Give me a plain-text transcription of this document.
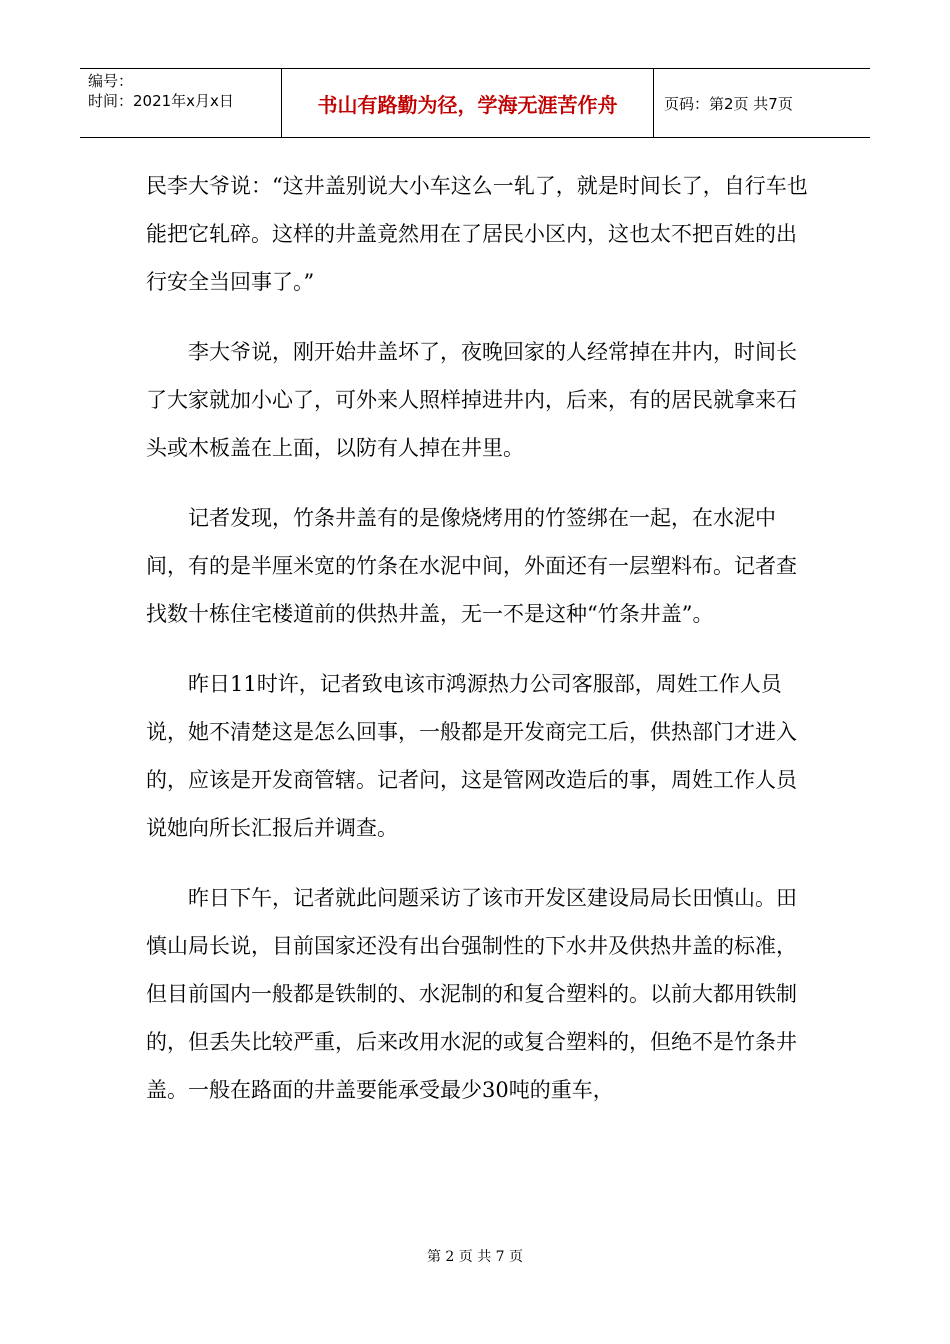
编号：
时间：2021年x月x日	书山有路勤为径，学海无涯苦作舟	页码：第2页 共7页

民李大爷说：“这井盖别说大小车这么一轧了，就是时间长了，自行车也能把它轧碎。这样的井盖竟然用在了居民小区内，这也太不把百姓的出行安全当回事了。”

李大爷说，刚开始井盖坏了，夜晚回家的人经常掉在井内，时间长了大家就加小心了，可外来人照样掉进井内，后来，有的居民就拿来石头或木板盖在上面，以防有人掉在井里。

记者发现，竹条井盖有的是像烧烤用的竹签绑在一起，在水泥中间，有的是半厘米宽的竹条在水泥中间，外面还有一层塑料布。记者查找数十栋住宅楼道前的供热井盖，无一不是这种“竹条井盖”。

昨日11时许，记者致电该市鸿源热力公司客服部，周姓工作人员说，她不清楚这是怎么回事，一般都是开发商完工后，供热部门才进入的，应该是开发商管辖。记者问，这是管网改造后的事，周姓工作人员说她向所长汇报后并调查。

昨日下午，记者就此问题采访了该市开发区建设局局长田慎山。田慎山局长说，目前国家还没有出台强制性的下水井及供热井盖的标准，但目前国内一般都是铁制的、水泥制的和复合塑料的。以前大都用铁制的，但丢失比较严重，后来改用水泥的或复合塑料的，但绝不是竹条井盖。一般在路面的井盖要能承受最少30吨的重车，

第 2 页 共 7 页
